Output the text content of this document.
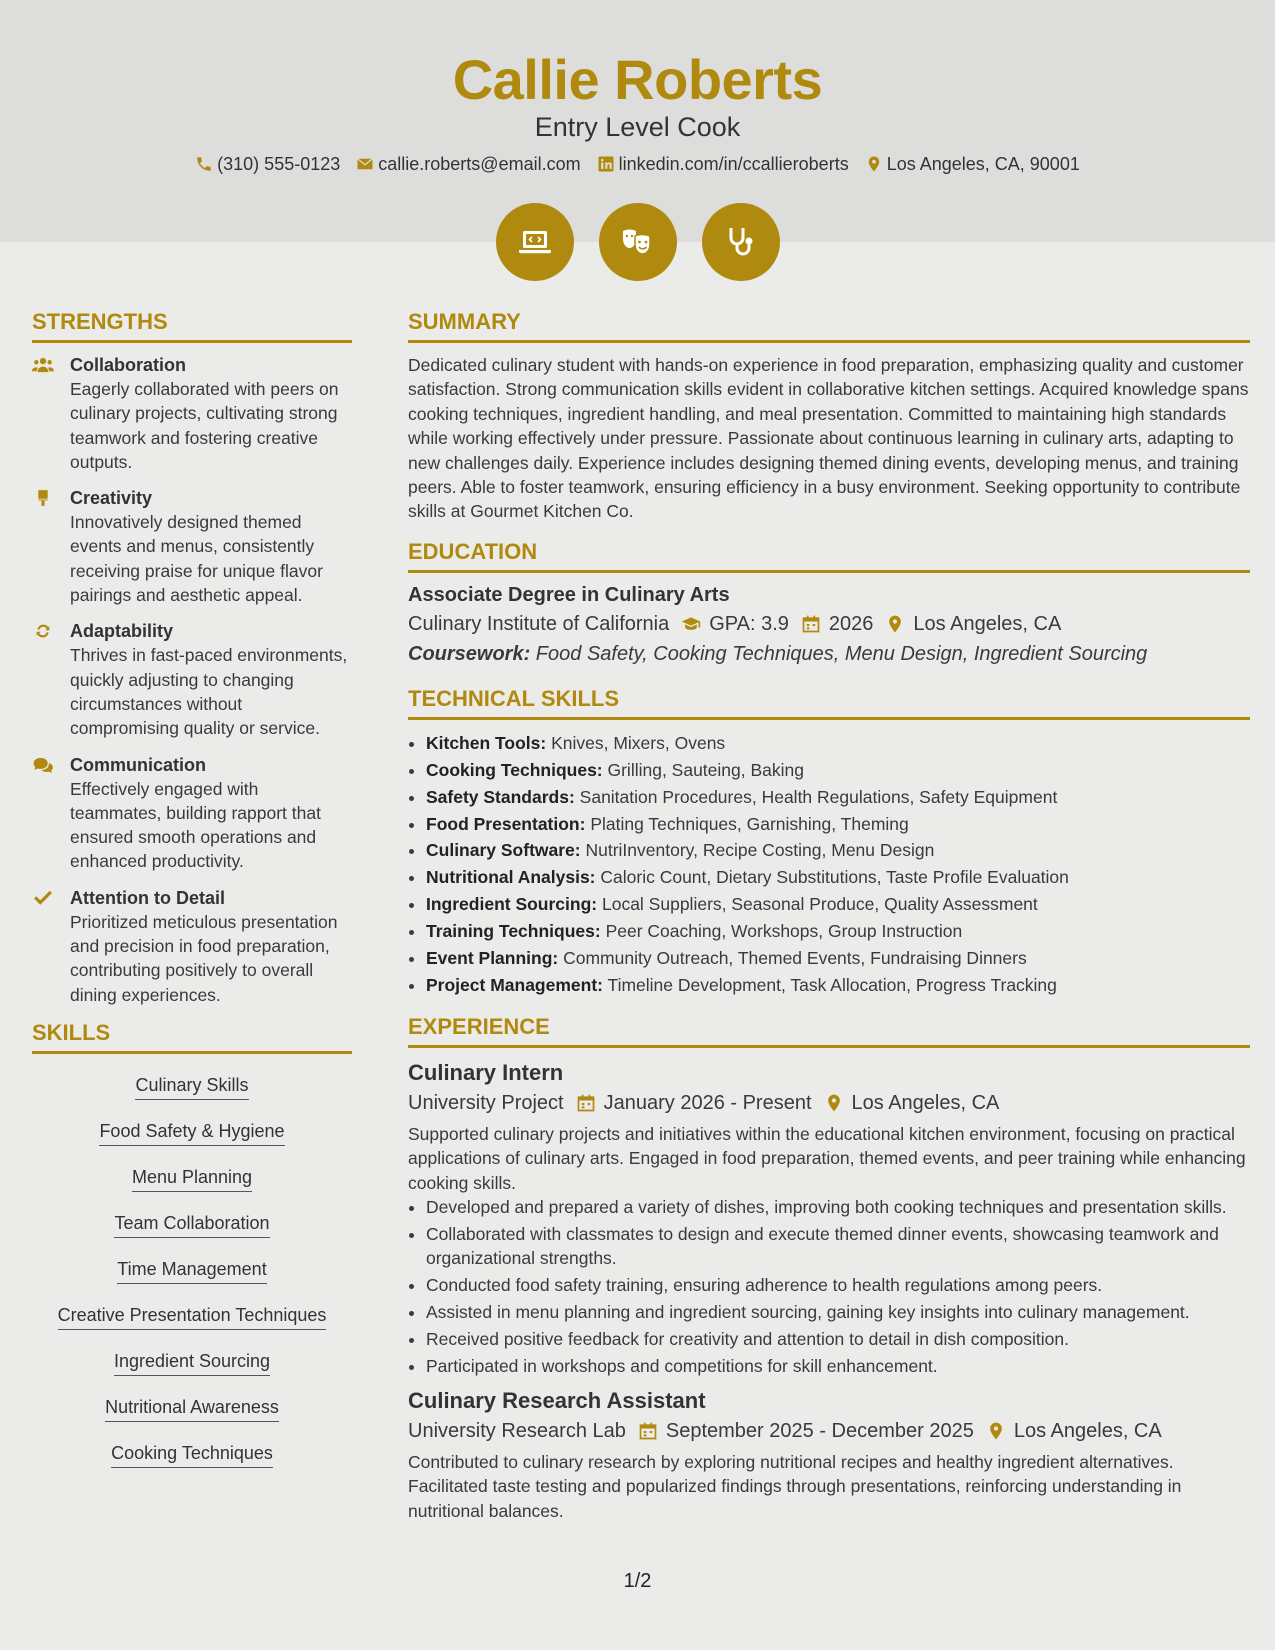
Callie Roberts
Entry Level Cook
(310) 555-0123 callie.roberts@email.com linkedin.com/in/ccallieroberts Los Angeles, CA, 90001
STRENGTHS
Collaboration
Eagerly collaborated with peers on culinary projects, cultivating strong teamwork and fostering creative outputs.
Creativity
Innovatively designed themed events and menus, consistently receiving praise for unique flavor pairings and aesthetic appeal.
Adaptability
Thrives in fast-paced environments, quickly adjusting to changing circumstances without compromising quality or service.
Communication
Effectively engaged with teammates, building rapport that ensured smooth operations and enhanced productivity.
Attention to Detail
Prioritized meticulous presentation and precision in food preparation, contributing positively to overall dining experiences.
SKILLS
Culinary Skills
Food Safety & Hygiene
Menu Planning
Team Collaboration
Time Management
Creative Presentation Techniques
Ingredient Sourcing
Nutritional Awareness
Cooking Techniques
SUMMARY
Dedicated culinary student with hands-on experience in food preparation, emphasizing quality and customer satisfaction. Strong communication skills evident in collaborative kitchen settings. Acquired knowledge spans cooking techniques, ingredient handling, and meal presentation. Committed to maintaining high standards while working effectively under pressure. Passionate about continuous learning in culinary arts, adapting to new challenges daily. Experience includes designing themed dining events, developing menus, and training peers. Able to foster teamwork, ensuring efficiency in a busy environment. Seeking opportunity to contribute skills at Gourmet Kitchen Co.
EDUCATION
Associate Degree in Culinary Arts
Culinary Institute of California GPA: 3.9 2026 Los Angeles, CA
Coursework: Food Safety, Cooking Techniques, Menu Design, Ingredient Sourcing
TECHNICAL SKILLS
• Kitchen Tools: Knives, Mixers, Ovens
• Cooking Techniques: Grilling, Sauteing, Baking
• Safety Standards: Sanitation Procedures, Health Regulations, Safety Equipment
• Food Presentation: Plating Techniques, Garnishing, Theming
• Culinary Software: NutriInventory, Recipe Costing, Menu Design
• Nutritional Analysis: Caloric Count, Dietary Substitutions, Taste Profile Evaluation
• Ingredient Sourcing: Local Suppliers, Seasonal Produce, Quality Assessment
• Training Techniques: Peer Coaching, Workshops, Group Instruction
• Event Planning: Community Outreach, Themed Events, Fundraising Dinners
• Project Management: Timeline Development, Task Allocation, Progress Tracking
EXPERIENCE
Culinary Intern
University Project January 2026 - Present Los Angeles, CA
Supported culinary projects and initiatives within the educational kitchen environment, focusing on practical applications of culinary arts. Engaged in food preparation, themed events, and peer training while enhancing cooking skills.
• Developed and prepared a variety of dishes, improving both cooking techniques and presentation skills.
• Collaborated with classmates to design and execute themed dinner events, showcasing teamwork and organizational strengths.
• Conducted food safety training, ensuring adherence to health regulations among peers.
• Assisted in menu planning and ingredient sourcing, gaining key insights into culinary management.
• Received positive feedback for creativity and attention to detail in dish composition.
• Participated in workshops and competitions for skill enhancement.
Culinary Research Assistant
University Research Lab September 2025 - December 2025 Los Angeles, CA
Contributed to culinary research by exploring nutritional recipes and healthy ingredient alternatives. Facilitated taste testing and popularized findings through presentations, reinforcing understanding in nutritional balances.
1/2
